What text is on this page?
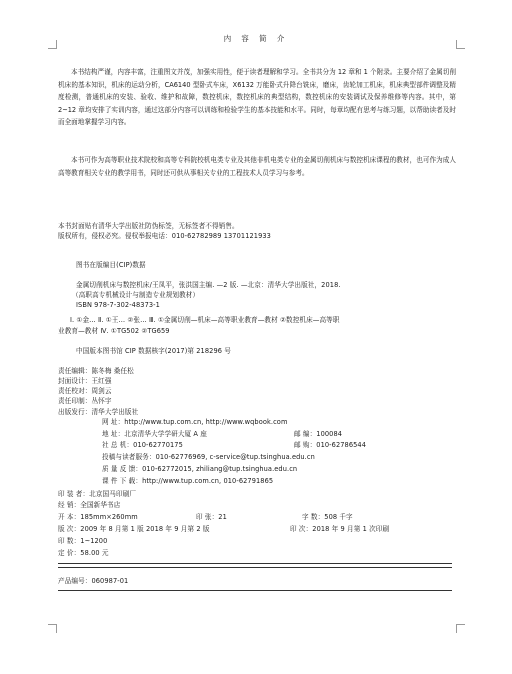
内 容 简 介
本书结构严谨，内容丰富，注重图文并茂，加强实用性，便于读者理解和学习。全书共分为 12 章和 1 个附录。主要介绍了金属切削机床的基本知识，机床的运动分析，CA6140 型卧式车床，X6132 万能卧式升降台铣床，磨床，齿轮加工机床，机床典型部件调整及精度检测，普通机床的安装、验收、维护和故障，数控机床，数控机床的典型结构，数控机床的安装调试及保养维修等内容。其中，第 2~12 章均安排了实训内容，通过这部分内容可以训练和检验学生的基本技能和水平。同时，每章均配有思考与练习题，以帮助读者及时而全面地掌握学习内容。
本书可作为高等职业技术院校和高等专科院校机电类专业及其他非机电类专业的金属切削机床与数控机床课程的教材，也可作为成人高等教育相关专业的教学用书，同时还可供从事相关专业的工程技术人员学习与参考。
本书封面贴有清华大学出版社防伪标签，无标签者不得销售。
版权所有，侵权必究。侵权举报电话：010-62782989 13701121933
图书在版编目(CIP)数据
金属切削机床与数控机床/王凤平，张洪国主编. —2 版. —北京：清华大学出版社，2018.
（高职高专机械设计与制造专业规划教材）
ISBN 978-7-302-48373-1
Ⅰ. ①金… Ⅱ. ①王… ②张… Ⅲ. ①金属切削—机床—高等职业教育—教材 ②数控机床—高等职
业教育—教材 Ⅳ. ①TG502 ②TG659
中国版本图书馆 CIP 数据核字(2017)第 218296 号
责任编辑：陈冬梅 桑任松
封面设计：王红强
责任校对：周剑云
责任印制：丛怀宇
出版发行：清华大学出版社
网 址：http://www.tup.com.cn, http://www.wqbook.com
地 址：北京清华大学学研大厦 A 座	邮 编：100084
社 总 机：010-62770175	邮 购：010-62786544
投稿与读者服务：010-62776969, c-service@tup.tsinghua.edu.cn
质 量 反 馈：010-62772015, zhiliang@tup.tsinghua.edu.cn
课 件 下 载：http://www.tup.com.cn, 010-62791865
印 装 者：北京国马印刷厂
经 销：全国新华书店
开 本：185mm×260mm	印 张：21	字 数：508 千字
版 次：2009 年 8 月第 1 版 2018 年 9 月第 2 版	印 次：2018 年 9 月第 1 次印刷
印 数：1~1200
定 价：58.00 元
产品编号：060987-01
